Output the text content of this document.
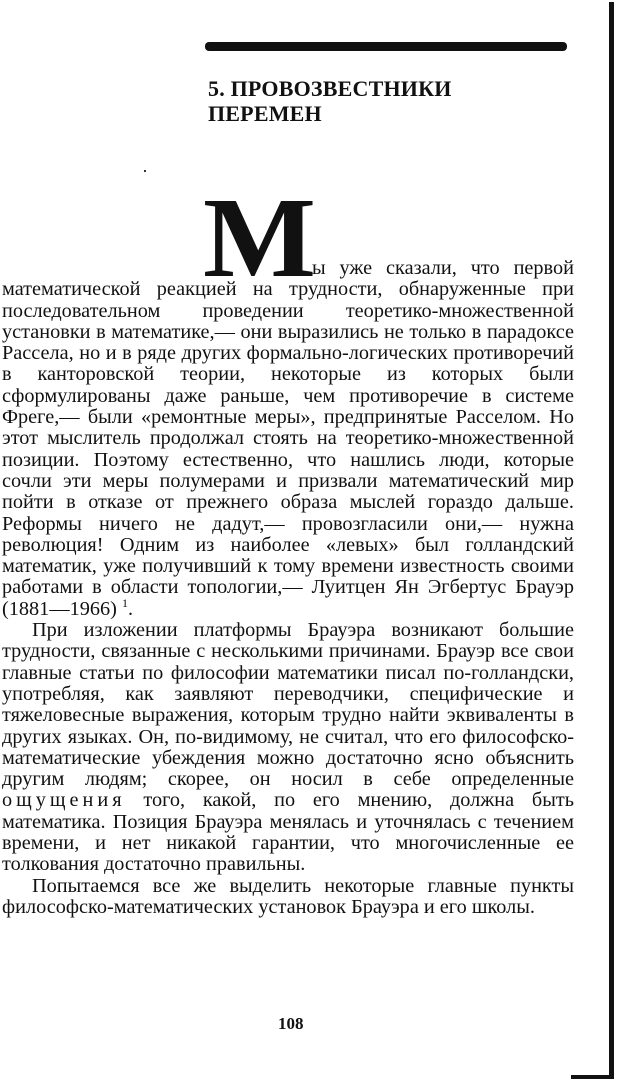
5. ПРОВОЗВЕСТНИКИ
ПЕРЕМЕН
М

ы уже сказали, что первой математической реакцией на трудности, обнаруженные при последовательном проведении теоретико-множественной установки в математике,— они выразились не только в парадоксе Рассела, но и в ряде других формально-логических противоречий в канторовской теории, некоторые из которых были сформулированы даже раньше, чем противоречие в системе Фреге,— были «ремонтные меры», предпринятые Расселом. Но этот мыслитель продолжал стоять на теоретико-множественной позиции. Поэтому естественно, что нашлись люди, которые сочли эти меры полумерами и призвали математический мир пойти в отказе от прежнего образа мыслей гораздо дальше. Реформы ничего не дадут,— провозгласили они,— нужна революция! Одним из наиболее «левых» был голландский математик, уже получивший к тому времени известность своими работами в области топологии,— Луитцен Ян Эгбертус Брауэр (1881—1966) $^1$.

При изложении платформы Брауэра возникают большие трудности, связанные с несколькими причинами. Брауэр все свои главные статьи по философии математики писал по-голландски, употребляя, как заявляют переводчики, специфические и тяжеловесные выражения, которым трудно найти эквиваленты в других языках. Он, по-видимому, не считал, что его философско-математические убеждения можно достаточно ясно объяснить другим людям; скорее, он носил в себе определенные ощущения того, какой, по его мнению, должна быть математика. Позиция Брауэра менялась и уточнялась с течением времени, и нет никакой гарантии, что многочисленные ее толкования достаточно правильны.

Попытаемся все же выделить некоторые главные пункты философско-математических установок Брауэра и его школы.

108
